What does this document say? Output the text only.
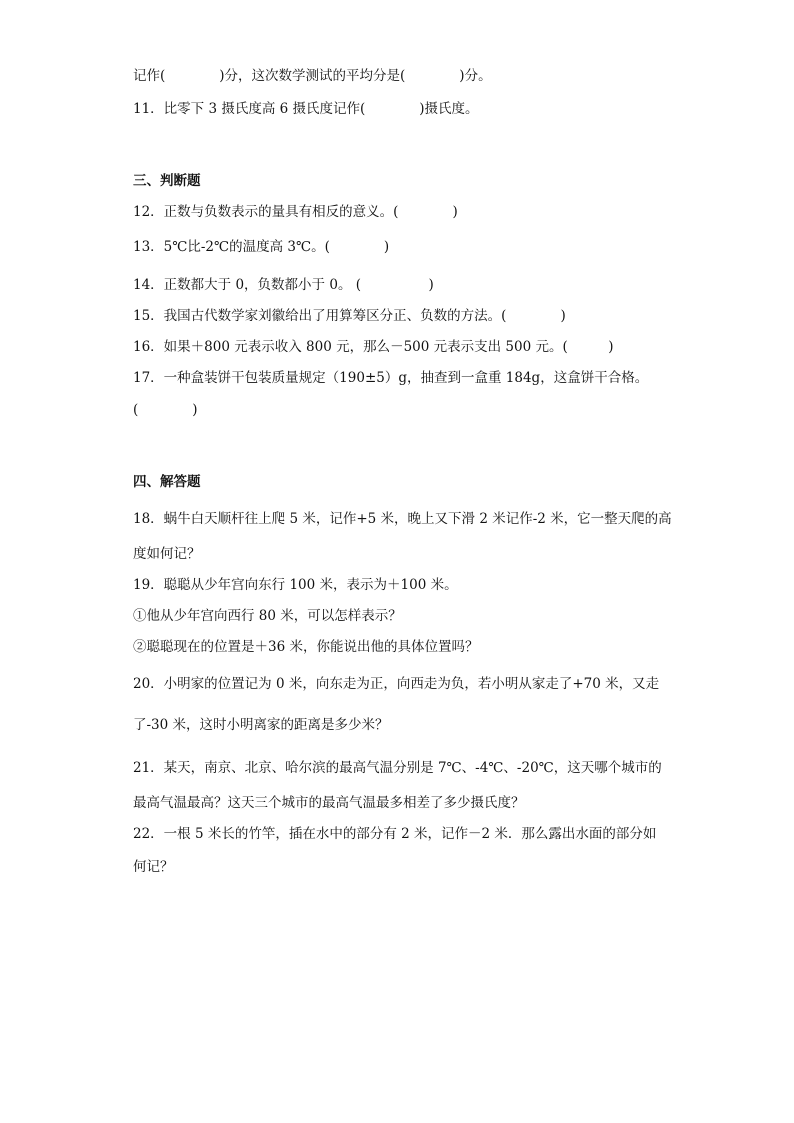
记作(　　　　)分，这次数学测试的平均分是(　　　　)分。
11．比零下 3 摄氏度高 6 摄氏度记作(　　　　)摄氏度。
三、判断题
12．正数与负数表示的量具有相反的意义。(　　　　)
13．5℃比-2℃的温度高 3℃。(　　　　)
14．正数都大于 0，负数都小于 0。 (　　　　　)
15．我国古代数学家刘徽给出了用算筹区分正、负数的方法。(　　　　)
16．如果＋800 元表示收入 800 元，那么－500 元表示支出 500 元。(　　　)
17．一种盒装饼干包装质量规定（190±5）g，抽查到一盒重 184g，这盒饼干合格。
(　　　　)
四、解答题
18．蜗牛白天顺杆往上爬 5 米，记作+5 米，晚上又下滑 2 米记作-2 米，它一整天爬的高
度如何记？
19．聪聪从少年宫向东行 100 米，表示为＋100 米。
①他从少年宫向西行 80 米，可以怎样表示？
②聪聪现在的位置是＋36 米，你能说出他的具体位置吗？
20．小明家的位置记为 0 米，向东走为正，向西走为负，若小明从家走了+70 米，又走
了-30 米，这时小明离家的距离是多少米？
21．某天，南京、北京、哈尔滨的最高气温分别是 7℃、-4℃、-20℃，这天哪个城市的
最高气温最高？这天三个城市的最高气温最多相差了多少摄氏度？
22．一根 5 米长的竹竿，插在水中的部分有 2 米，记作－2 米．那么露出水面的部分如
何记？
